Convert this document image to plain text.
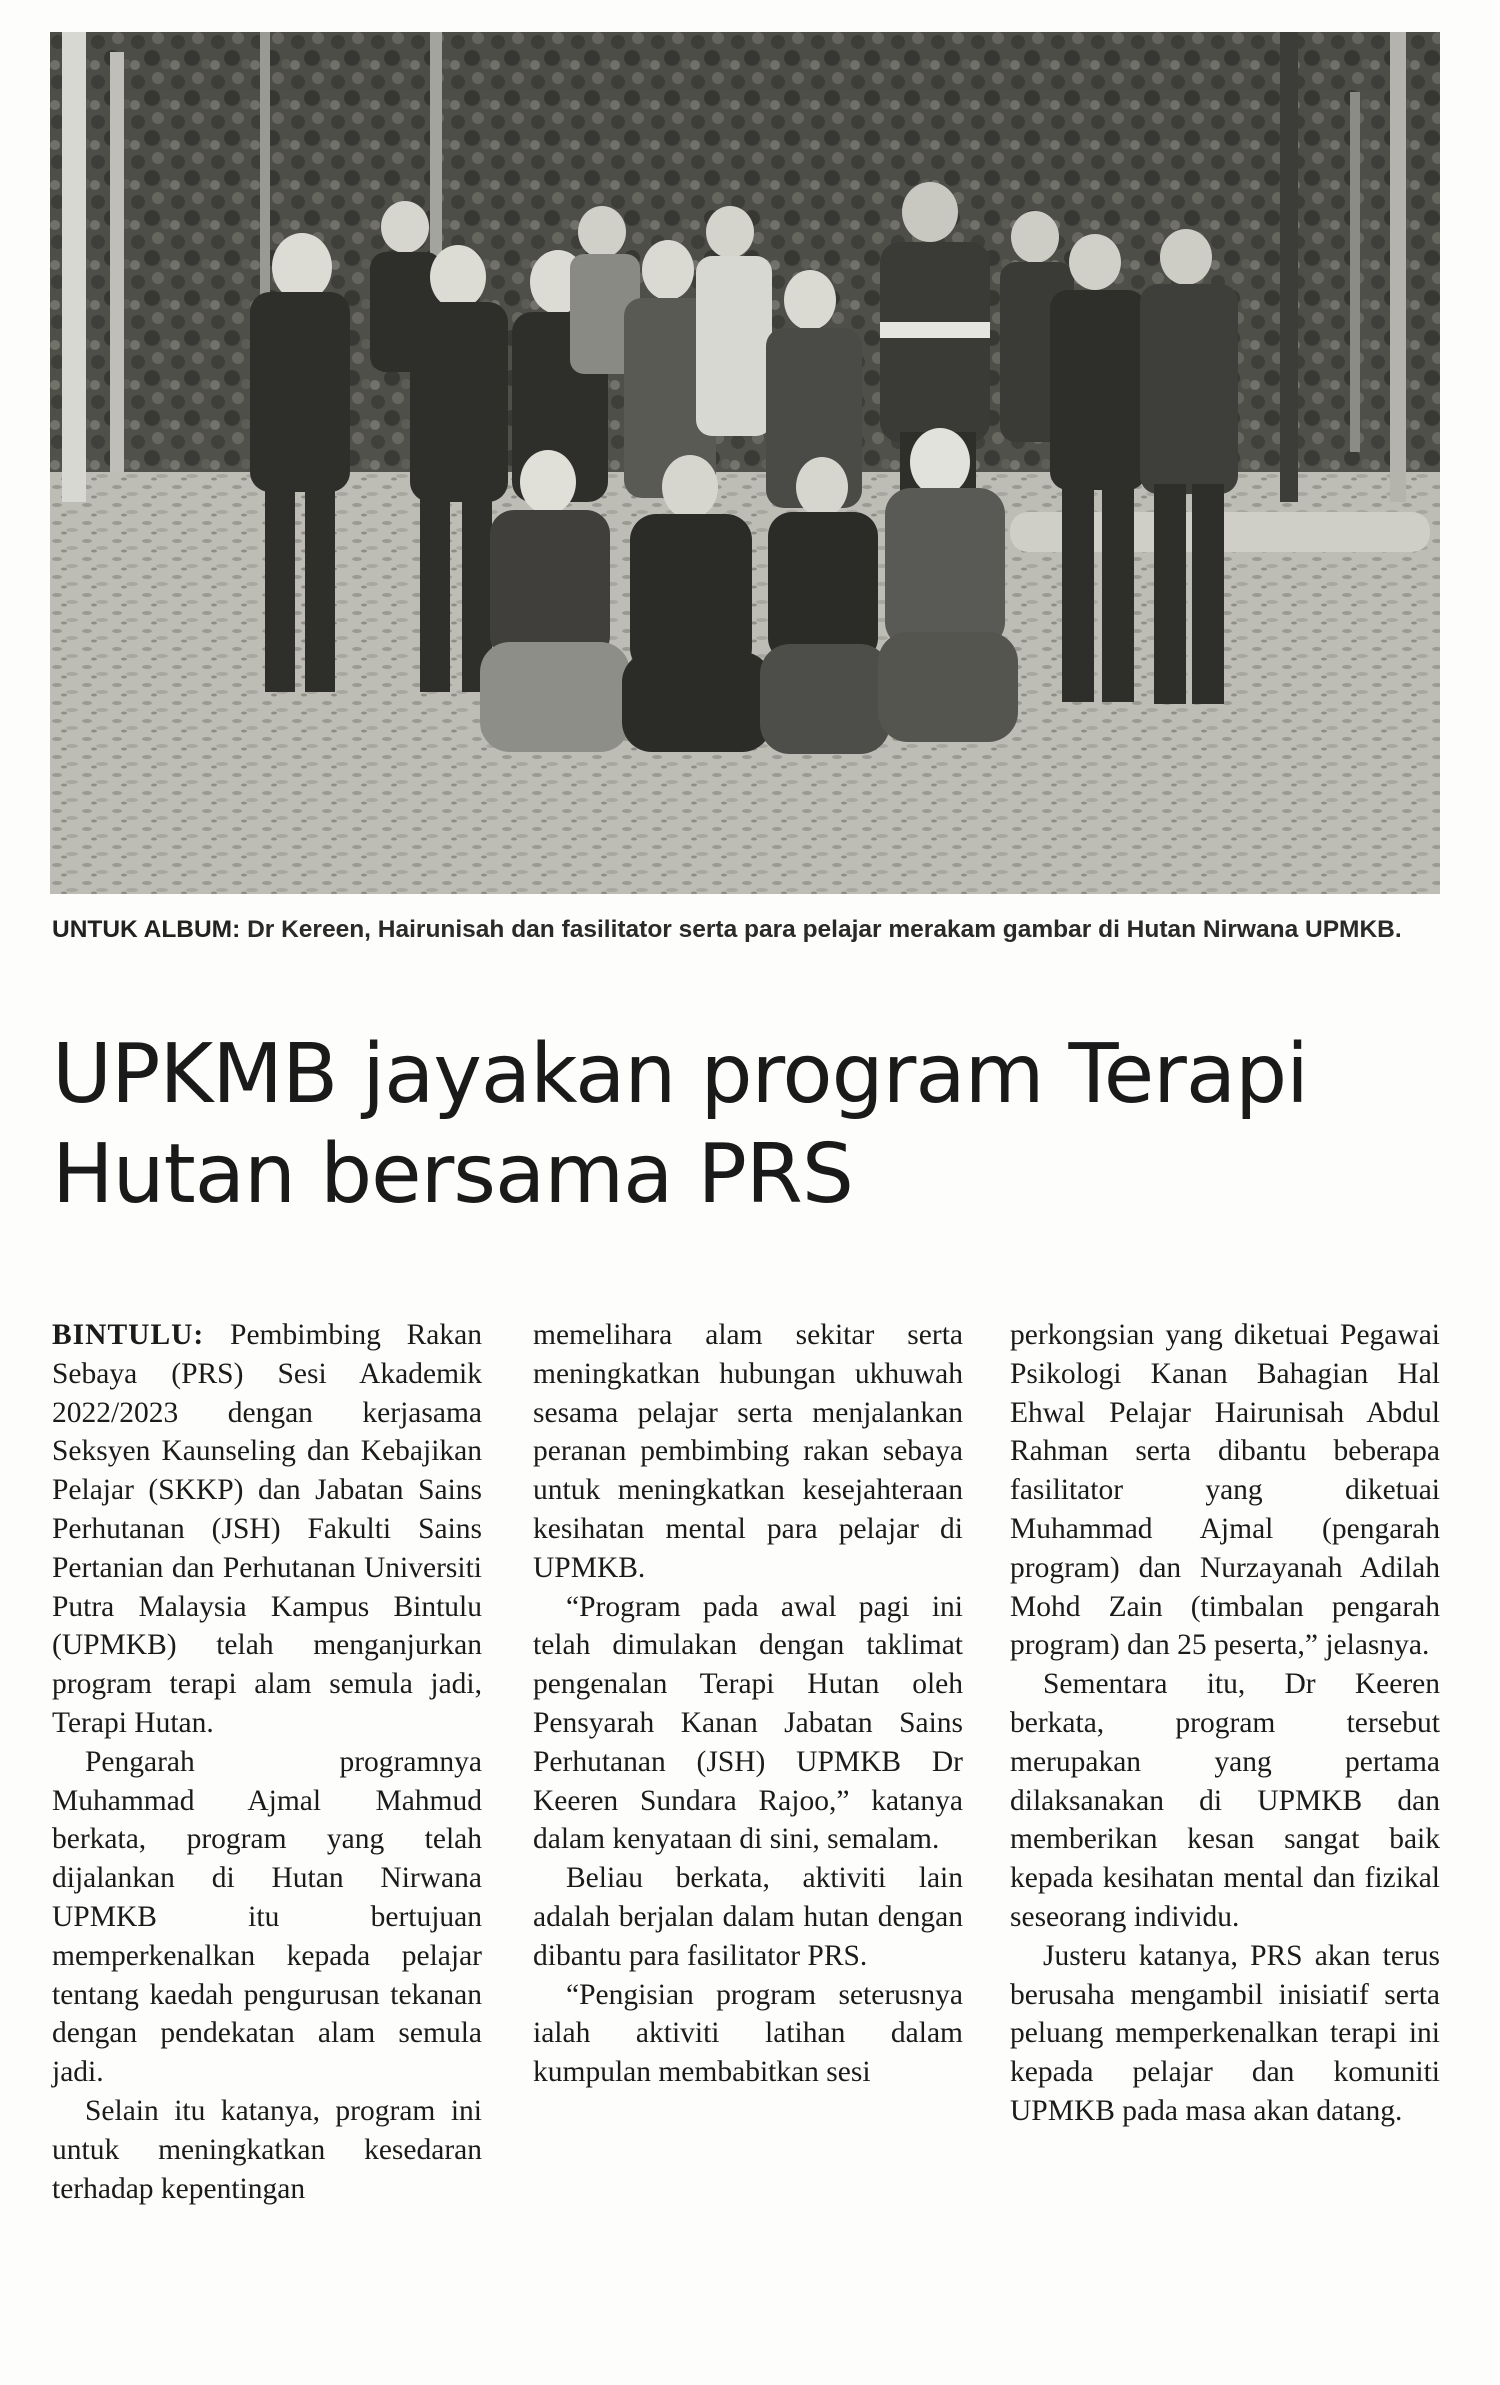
UNTUK ALBUM: Dr Kereen, Hairunisah dan fasilitator serta para pelajar merakam gambar di Hutan Nirwana UPMKB.
UPKMB jayakan program Terapi
Hutan bersama PRS

BINTULU: Pembimbing Rakan Sebaya (PRS) Sesi Akademik 2022/2023 dengan kerjasama Seksyen Kaunseling dan Kebajikan Pelajar (SKKP) dan Jabatan Sains Perhutanan (JSH) Fakulti Sains Pertanian dan Perhutanan Universiti Putra Malaysia Kampus Bintulu (UPMKB) telah menganjurkan program terapi alam semula jadi, Terapi Hutan.

Pengarah programnya Muhammad Ajmal Mahmud berkata, program yang telah dijalankan di Hutan Nirwana UPMKB itu bertujuan memperkenalkan kepada pelajar tentang kaedah pengurusan tekanan dengan pendekatan alam semula jadi.

Selain itu katanya, program ini untuk meningkatkan kesedaran terhadap kepentingan

memelihara alam sekitar serta meningkatkan hubungan ukhuwah sesama pelajar serta menjalankan peranan pembimbing rakan sebaya untuk meningkatkan kesejahteraan kesihatan mental para pelajar di UPMKB.

“Program pada awal pagi ini telah dimulakan dengan taklimat pengenalan Terapi Hutan oleh Pensyarah Kanan Jabatan Sains Perhutanan (JSH) UPMKB Dr Keeren Sundara Rajoo,” katanya dalam kenyataan di sini, semalam.

Beliau berkata, aktiviti lain adalah berjalan dalam hutan dengan dibantu para fasilitator PRS.

“Pengisian program seterusnya ialah aktiviti latihan dalam kumpulan membabitkan sesi

perkongsian yang diketuai Pegawai Psikologi Kanan Bahagian Hal Ehwal Pelajar Hairunisah Abdul Rahman serta dibantu beberapa fasilitator yang diketuai Muhammad Ajmal (pengarah program) dan Nurzayanah Adilah Mohd Zain (timbalan pengarah program) dan 25 peserta,” jelasnya.

Sementara itu, Dr Keeren berkata, program tersebut merupakan yang pertama dilaksanakan di UPMKB dan memberikan kesan sangat baik kepada kesihatan mental dan fizikal seseorang individu.

Justeru katanya, PRS akan terus berusaha mengambil inisiatif serta peluang memperkenalkan terapi ini kepada pelajar dan komuniti UPMKB pada masa akan datang.
